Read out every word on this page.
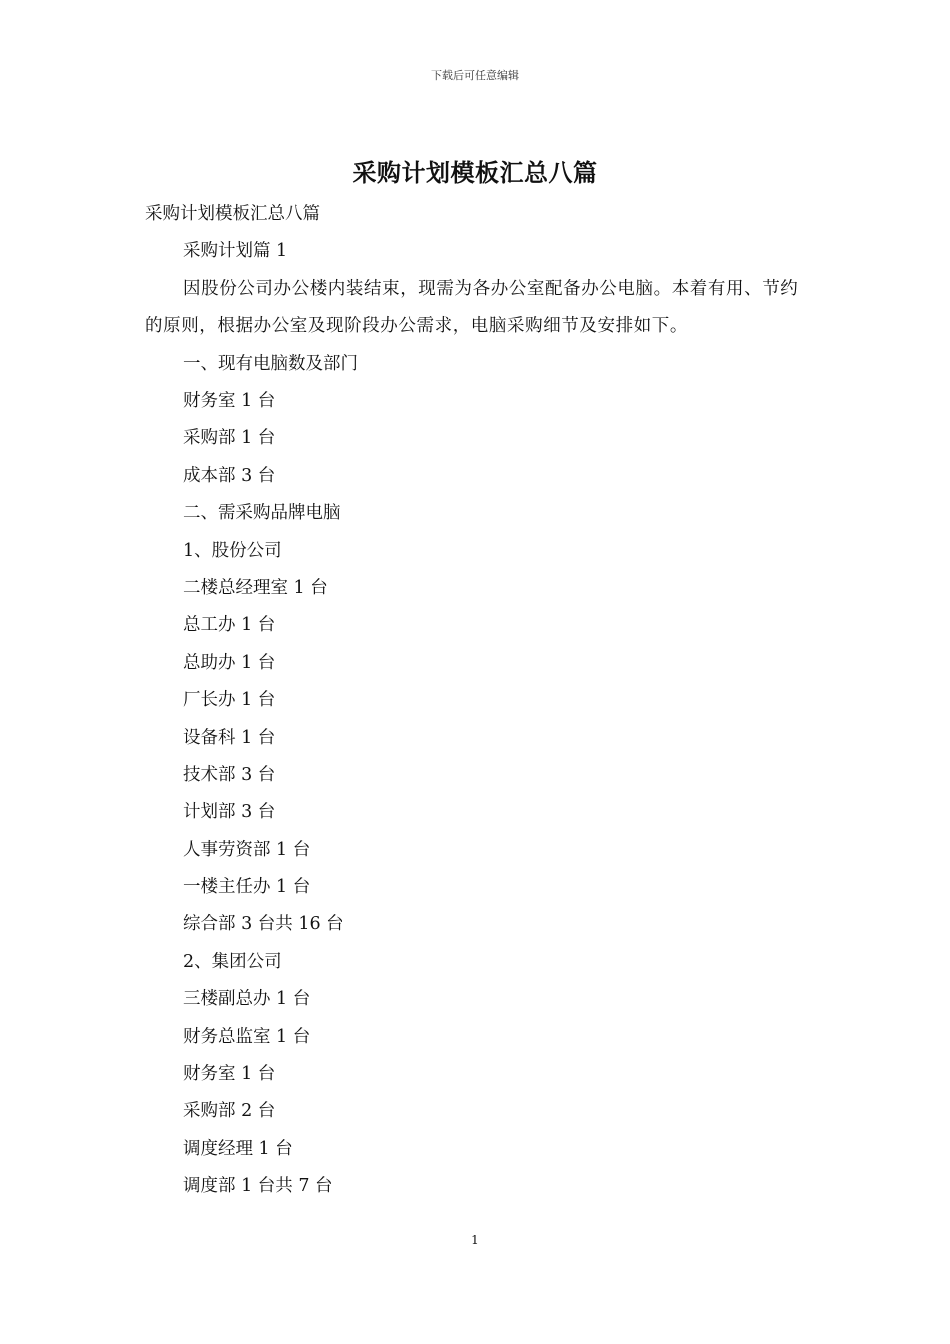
下载后可任意编辑
采购计划模板汇总八篇
采购计划模板汇总八篇
采购计划篇 1
因股份公司办公楼内装结束，现需为各办公室配备办公电脑。本着有用、节约的原则，根据办公室及现阶段办公需求，电脑采购细节及安排如下。
一、现有电脑数及部门
财务室 1 台
采购部 1 台
成本部 3 台
二、需采购品牌电脑
1、股份公司
二楼总经理室 1 台
总工办 1 台
总助办 1 台
厂长办 1 台
设备科 1 台
技术部 3 台
计划部 3 台
人事劳资部 1 台
一楼主任办 1 台
综合部 3 台共 16 台
2、集团公司
三楼副总办 1 台
财务总监室 1 台
财务室 1 台
采购部 2 台
调度经理 1 台
调度部 1 台共 7 台
1
